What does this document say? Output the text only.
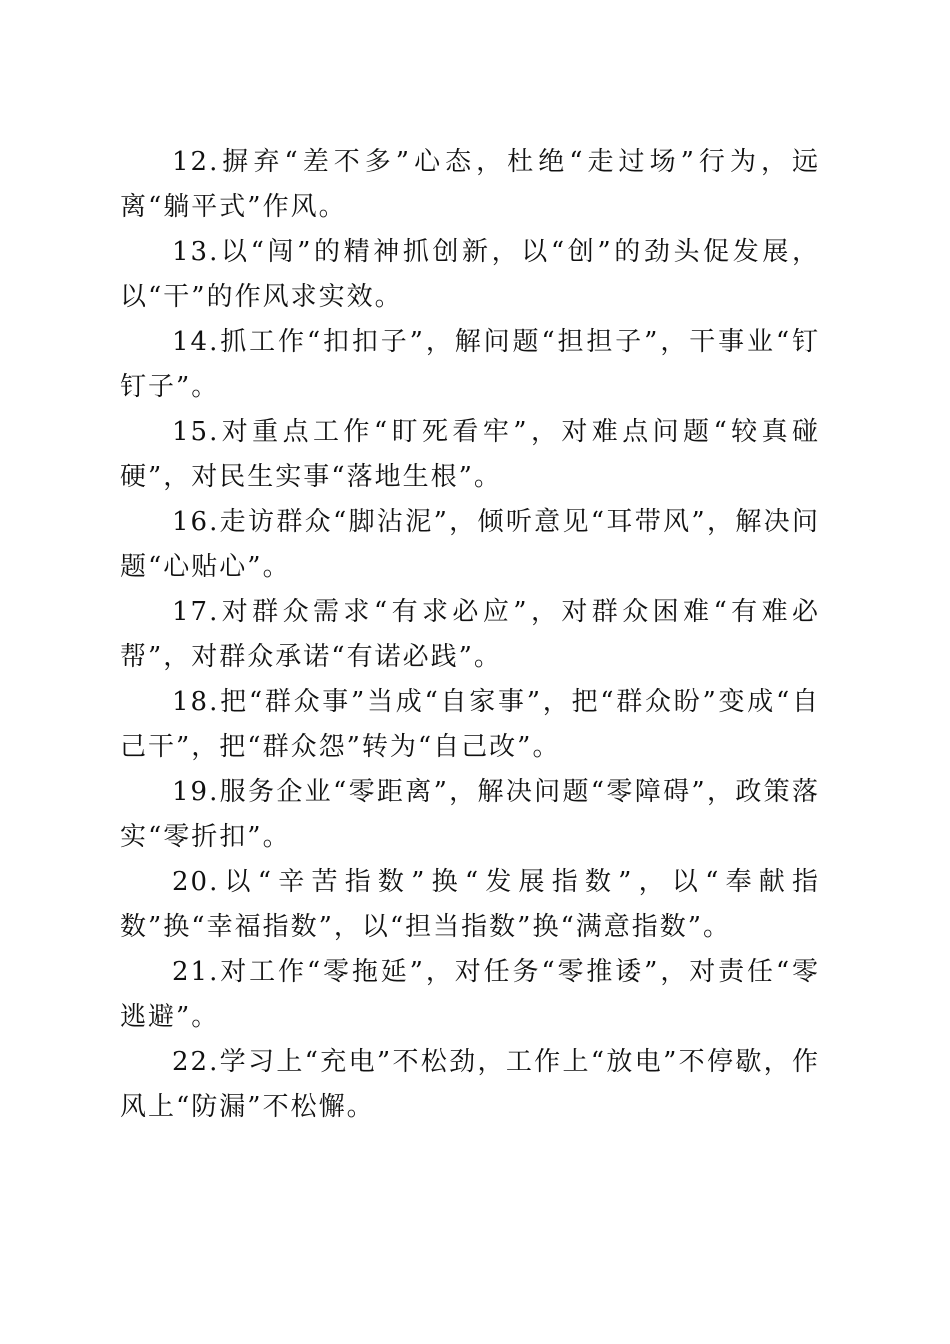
12.摒弃“差不多”心态，杜绝“走过场”行为，远离“躺平式”作风。

13.以“闯”的精神抓创新，以“创”的劲头促发展，以“干”的作风求实效。

14.抓工作“扣扣子”，解问题“担担子”，干事业“钉钉子”。

15.对重点工作“盯死看牢”，对难点问题“较真碰硬”，对民生实事“落地生根”。

16.走访群众“脚沾泥”，倾听意见“耳带风”，解决问题“心贴心”。

17.对群众需求“有求必应”，对群众困难“有难必帮”，对群众承诺“有诺必践”。

18.把“群众事”当成“自家事”，把“群众盼”变成“自己干”，把“群众怨”转为“自己改”。

19.服务企业“零距离”，解决问题“零障碍”，政策落实“零折扣”。

20.以“辛苦指数”换“发展指数”，以“奉献指数”换“幸福指数”，以“担当指数”换“满意指数”。

21.对工作“零拖延”，对任务“零推诿”，对责任“零逃避”。

22.学习上“充电”不松劲，工作上“放电”不停歇，作风上“防漏”不松懈。
